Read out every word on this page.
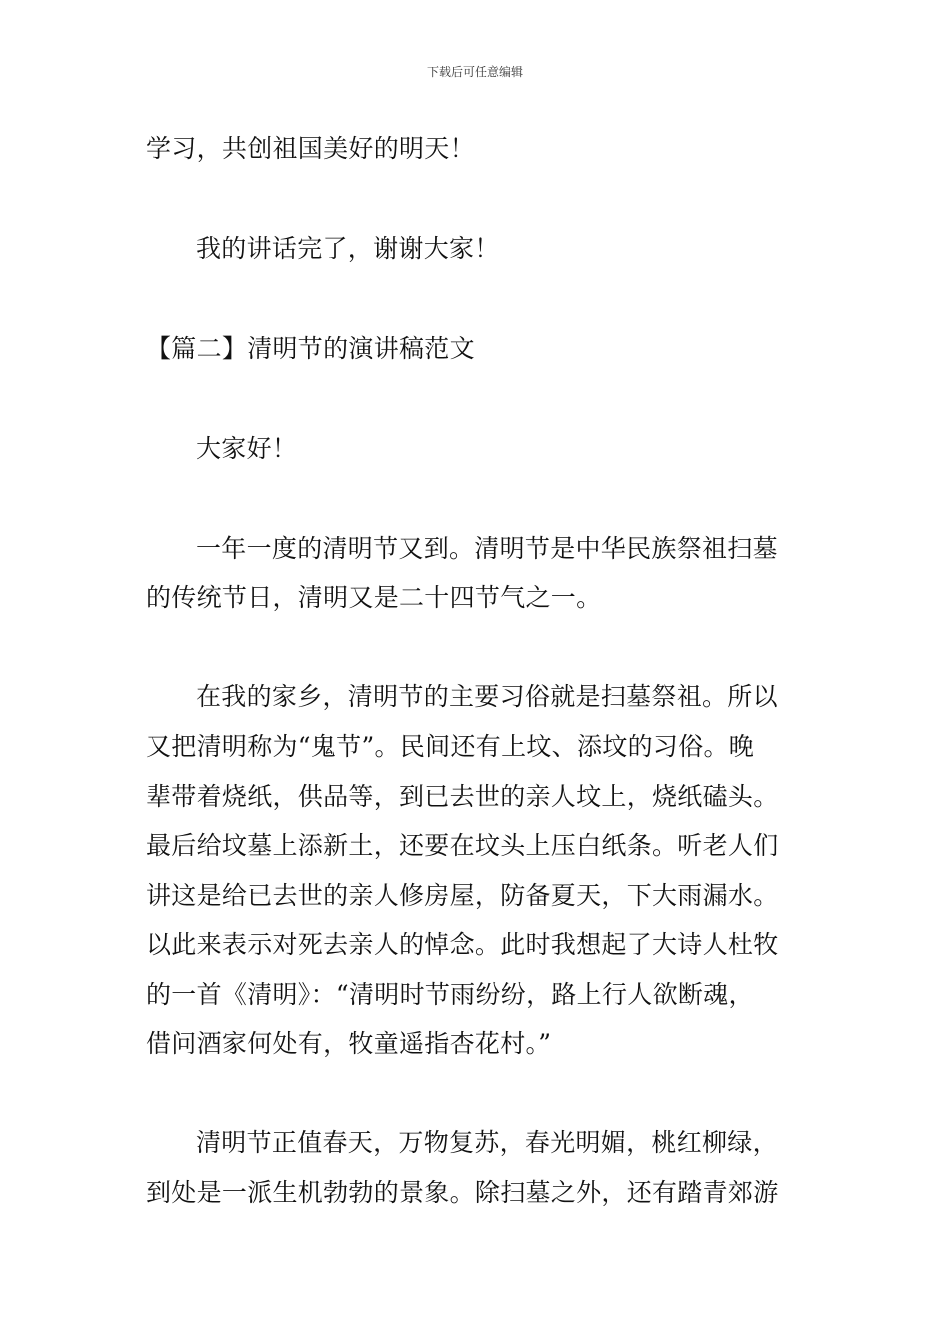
下载后可任意编辑
学习，共创祖国美好的明天！
我的讲话完了，谢谢大家！
【篇二】清明节的演讲稿范文
大家好！
一年一度的清明节又到。清明节是中华民族祭祖扫墓
的传统节日，清明又是二十四节气之一。
在我的家乡，清明节的主要习俗就是扫墓祭祖。所以
又把清明称为“鬼节”。民间还有上坟、添坟的习俗。晚
辈带着烧纸，供品等，到已去世的亲人坟上，烧纸磕头。
最后给坟墓上添新土，还要在坟头上压白纸条。听老人们
讲这是给已去世的亲人修房屋，防备夏天，下大雨漏水。
以此来表示对死去亲人的悼念。此时我想起了大诗人杜牧
的一首《清明》：“清明时节雨纷纷，路上行人欲断魂，
借问酒家何处有，牧童遥指杏花村。”
清明节正值春天，万物复苏，春光明媚，桃红柳绿，
到处是一派生机勃勃的景象。除扫墓之外，还有踏青郊游
